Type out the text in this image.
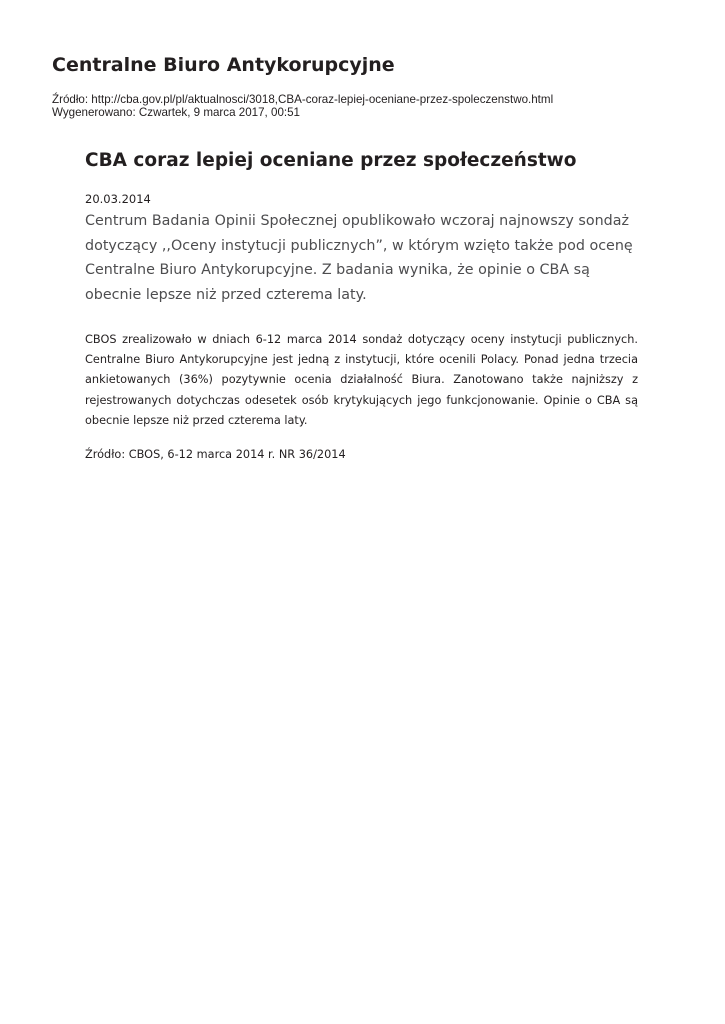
Centralne Biuro Antykorupcyjne
Źródło: http://cba.gov.pl/pl/aktualnosci/3018,CBA-coraz-lepiej-oceniane-przez-spoleczenstwo.html
Wygenerowano: Czwartek, 9 marca 2017, 00:51
CBA coraz lepiej oceniane przez społeczeństwo
20.03.2014

Centrum Badania Opinii Społecznej opublikowało wczoraj najnowszy sondaż dotyczący ,,Oceny instytucji publicznych”, w którym wzięto także pod ocenę Centralne Biuro Antykorupcyjne. Z badania wynika, że opinie o CBA są obecnie lepsze niż przed czterema laty.

CBOS zrealizowało w dniach 6-12 marca 2014 sondaż dotyczący oceny instytucji publicznych. Centralne Biuro Antykorupcyjne jest jedną z instytucji, które ocenili Polacy. Ponad jedna trzecia ankietowanych (36%) pozytywnie ocenia działalność Biura. Zanotowano także najniższy z rejestrowanych dotychczas odesetek osób krytykujących jego funkcjonowanie. Opinie o CBA są obecnie lepsze niż przed czterema laty.

Źródło: CBOS, 6-12 marca 2014 r. NR 36/2014
